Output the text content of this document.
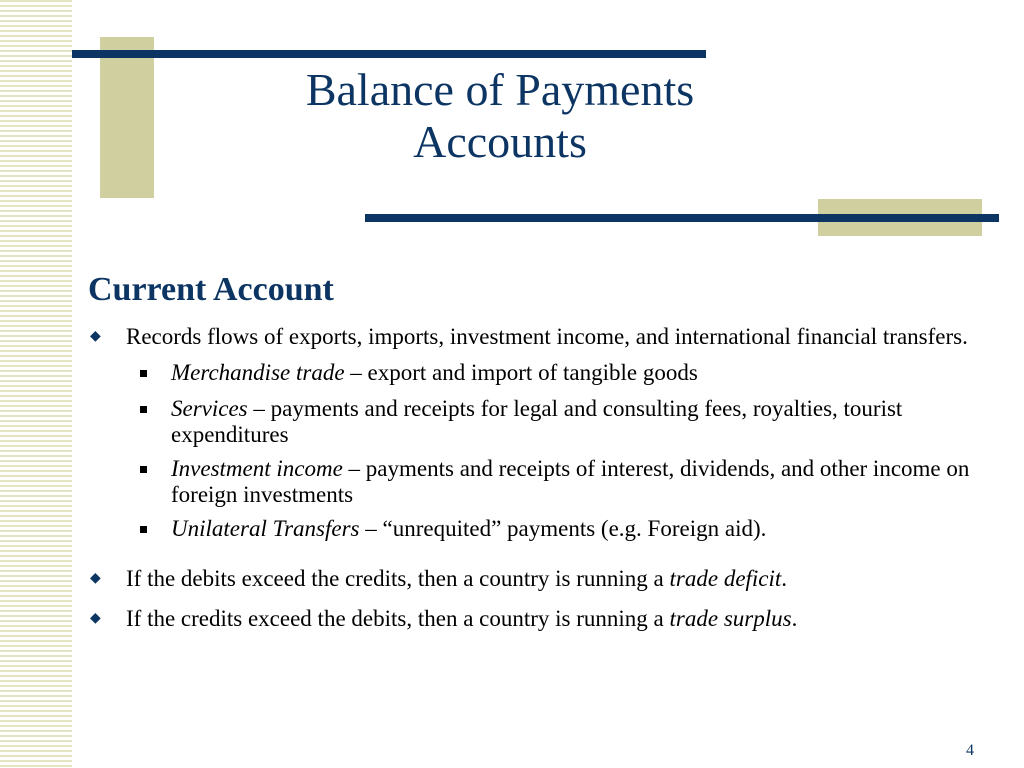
Balance of Payments
Accounts
Current Account
◆ Records flows of exports, imports, investment income, and international financial transfers.
Merchandise trade – export and import of tangible goods
Services – payments and receipts for legal and consulting fees, royalties, tourist expenditures
Investment income – payments and receipts of interest, dividends, and other income on foreign investments
Unilateral Transfers – “unrequited” payments (e.g. Foreign aid).
◆ If the debits exceed the credits, then a country is running a trade deficit.
◆ If the credits exceed the debits, then a country is running a trade surplus.
4
